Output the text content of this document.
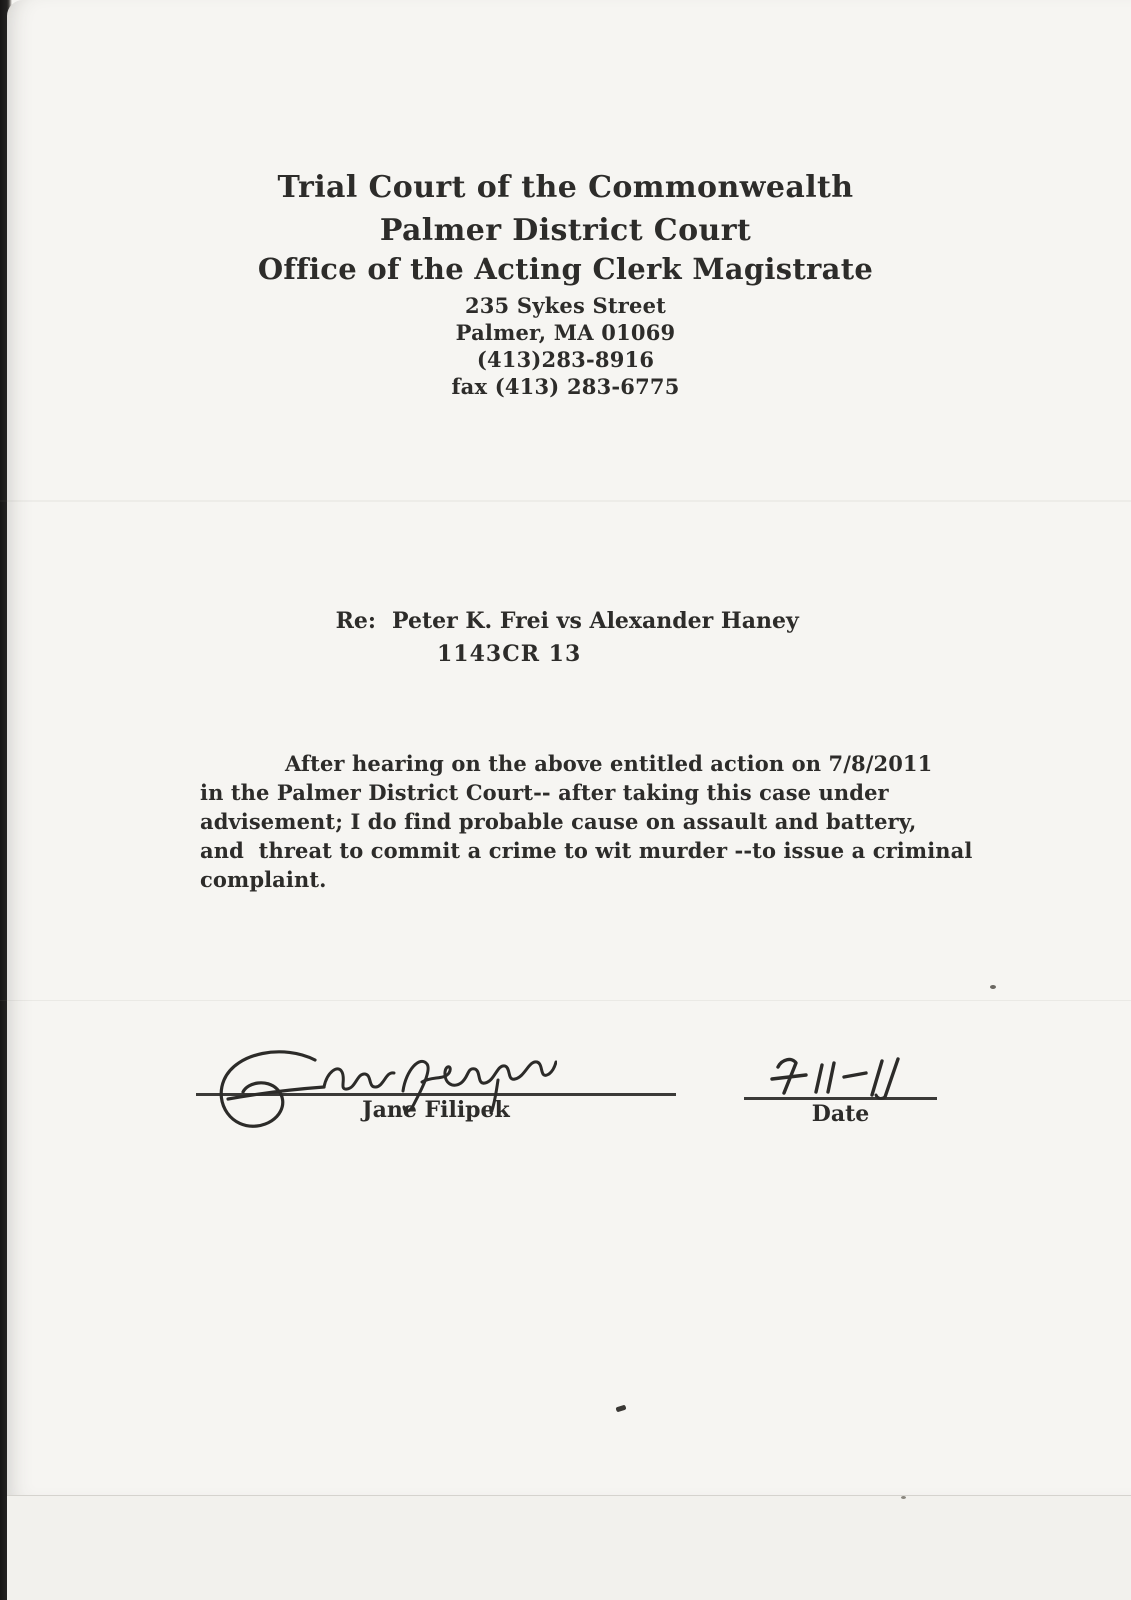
Trial Court of the Commonwealth
Palmer District Court
Office of the Acting Clerk Magistrate
235 Sykes Street
Palmer, MA 01069
(413)283-8916
fax (413) 283-6775

Re: Peter K. Frei vs Alexander Haney

1143CR 13
After hearing on the above entitled action on 7/8/2011
in the Palmer District Court-- after taking this case under
advisement; I do find probable cause on assault and battery,
and  threat to commit a crime to wit murder --to issue a criminal
complaint.
Jane Filipek	Date
